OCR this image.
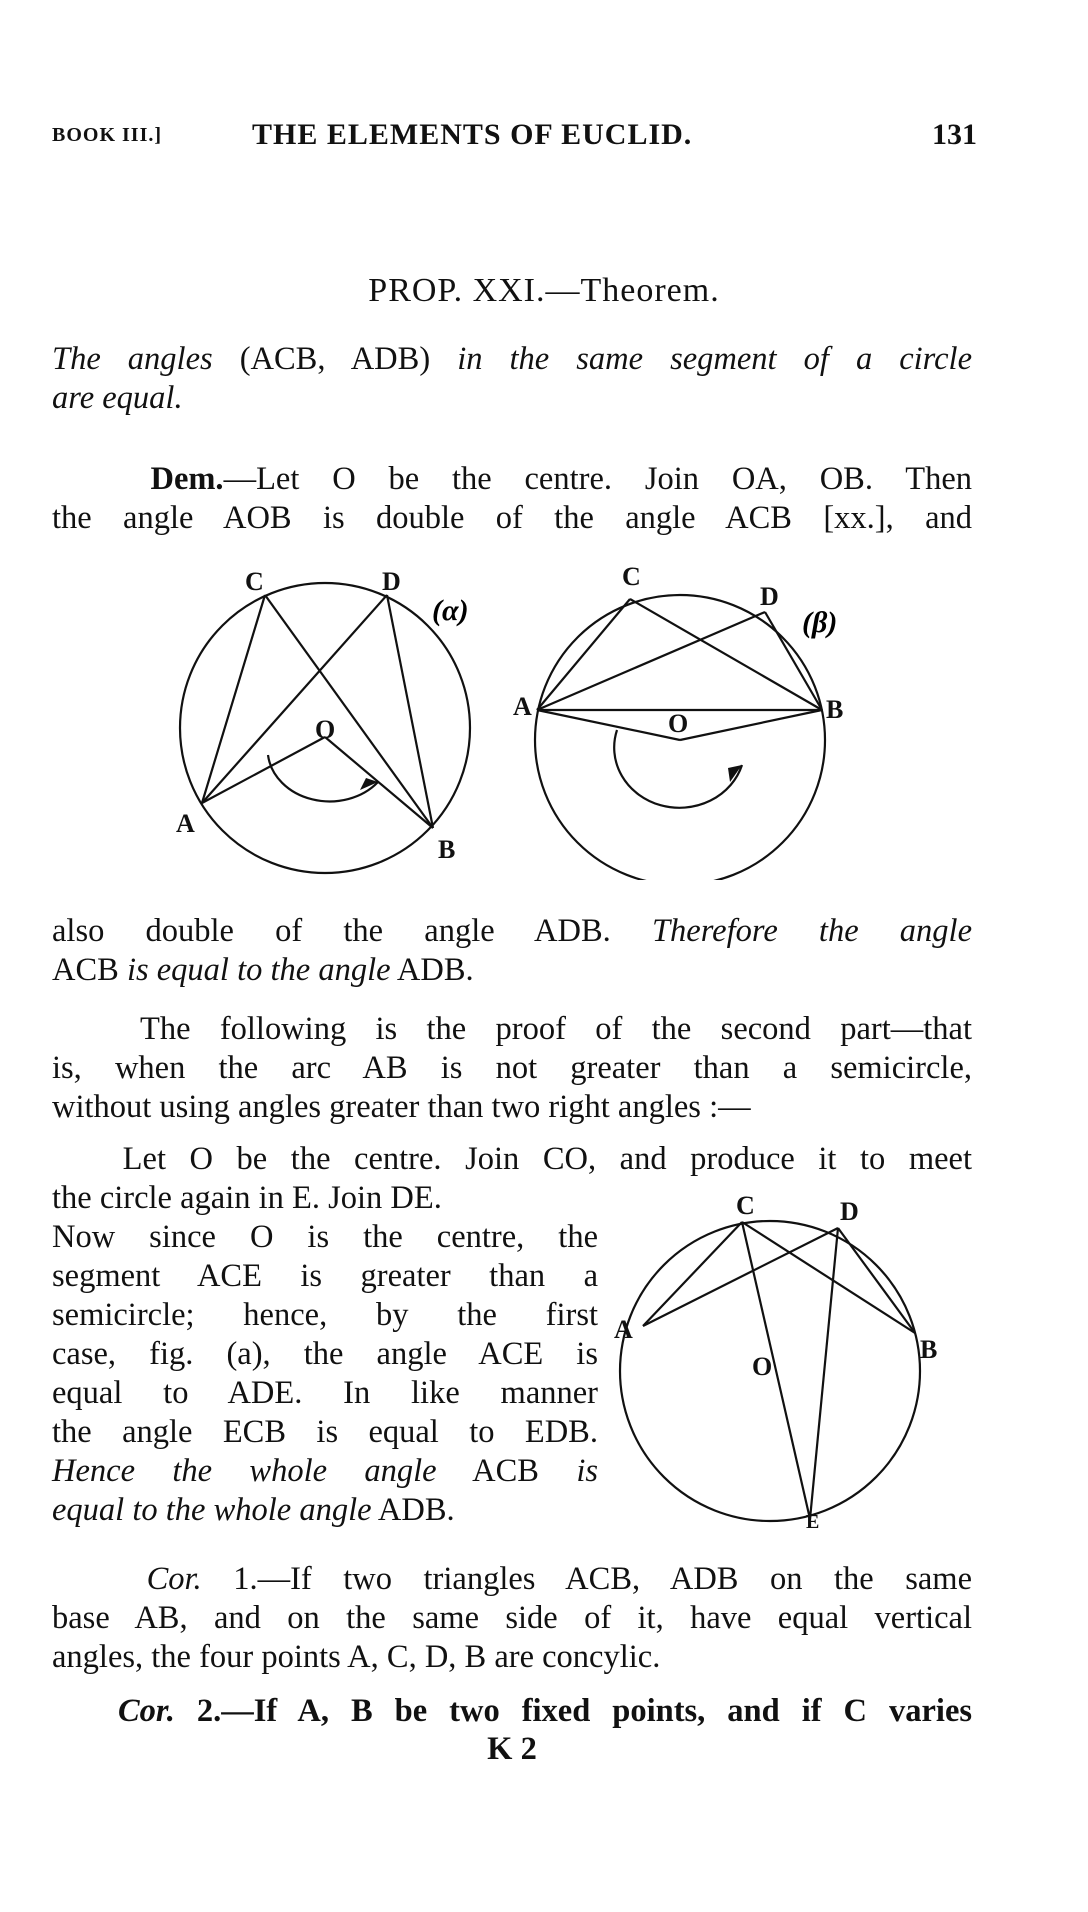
BOOK III.]	THE ELEMENTS OF EUCLID.	131
PROP. XXI.—Theorem.
The angles (ACB, ADB) in the same segment of a circle
are equal.
Dem.—Let O be the centre. Join OA, OB. Then
the angle AOB is double of the angle ACB [xx.], and
C	D
O
A
B
C
D
A	B
O
(α)	(β)
also double of the angle ADB. Therefore the angle
ACB is equal to the angle ADB.
The following is the proof of the second part—that
is, when the arc AB is not greater than a semicircle,
without using angles greater than two right angles :—
Let O be the centre. Join CO, and produce it to meet
the circle again in E. Join DE.
Now since O is the centre, the
segment ACE is greater than a
semicircle; hence, by the first
case, fig. (a), the angle ACE is
equal to ADE. In like manner
the angle ECB is equal to EDB.
Hence the whole angle ACB is
equal to the whole angle ADB.
C	D
A
B
O
E
Cor. 1.—If two triangles ACB, ADB on the same
base AB, and on the same side of it, have equal vertical
angles, the four points A, C, D, B are concylic.
Cor. 2.—If A, B be two fixed points, and if C varies
K 2
